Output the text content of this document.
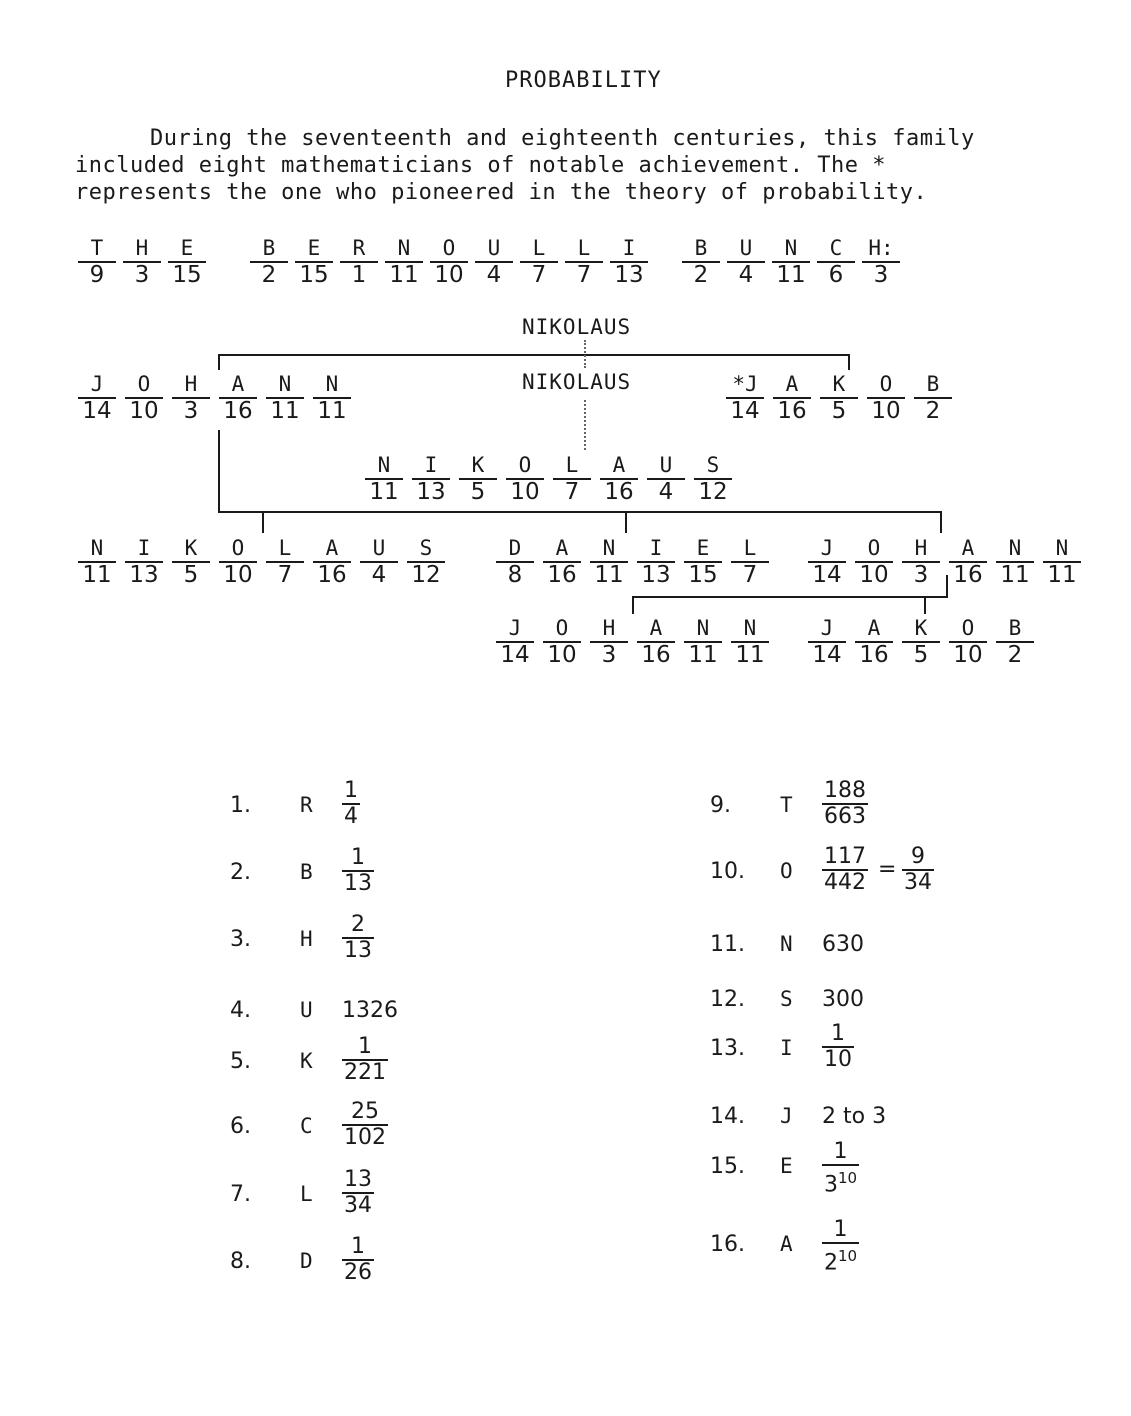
PROBABILITY
During the seventeenth and eighteenth centuries, this family
included eight mathematicians of notable achievement. The *
represents the one who pioneered in the theory of probability.
T
9
H
3
E
15
B
2
E
15
R
1
N
11
O
10
U
4
L
7
L
7
I
13
B
2
U
4
N
11
C
6
H:
3
J
14
O
10
H
3
A
16
N
11
N
11
*J
14
A
16
K
5
O
10
B
2
N
11
I
13
K
5
O
10
L
7
A
16
U
4
S
12
N
11
I
13
K
5
O
10
L
7
A
16
U
4
S
12
D
8
A
16
N
11
I
13
E
15
L
7
J
14
O
10
H
3
A
16
N
11
N
11
J
14
O
10
H
3
A
16
N
11
N
11
J
14
A
16
K
5
O
10
B
2
NIKOLAUS
NIKOLAUS
1. R $\frac{1}{4}$
2. B $\frac{1}{13}$
3. H $\frac{2}{13}$
4. U 1326
5. K $\frac{1}{221}$
6. C $\frac{25}{102}$
7. L $\frac{13}{34}$
8. D $\frac{1}{26}$
9. T $\frac{188}{663}$
10. O $\frac{117}{442} = \frac{9}{34}$
11. N 630
12. S 300
13. I $\frac{1}{10}$
14. J 2 to 3
15. E $\frac{1}{3^{10}}$
16. A $\frac{1}{2^{10}}$
